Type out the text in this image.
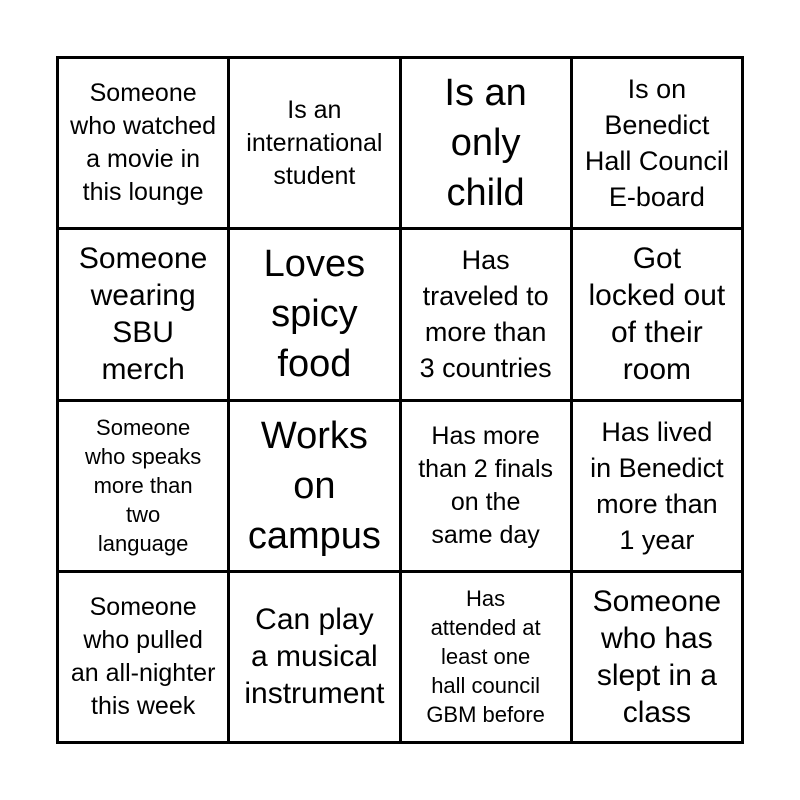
Someone
who watched
a movie in
this lounge
Is an
international
student
Is an
only
child
Is on
Benedict
Hall Council
E-board
Someone
wearing
SBU
merch
Loves
spicy
food
Has
traveled to
more than
3 countries
Got
locked out
of their
room
Someone
who speaks
more than
two
language
Works
on
campus
Has more
than 2 finals
on the
same day
Has lived
in Benedict
more than
1 year
Someone
who pulled
an all-nighter
this week
Can play
a musical
instrument
Has
attended at
least one
hall council
GBM before
Someone
who has
slept in a
class
